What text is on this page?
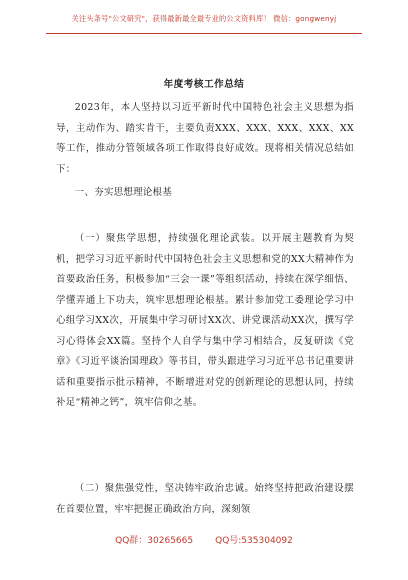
关注头条号"公文研究"，获得最新最全最专业的公文资料库！ 微信：gongwenyj
年度考核工作总结

2023年，本人坚持以习近平新时代中国特色社会主义思想为指导，主动作为、踏实肯干，主要负责XXX、XXX、XXX、XXX、XX等工作，推动分管领域各项工作取得良好成效。现将相关情况总结如下：

一、夯实思想理论根基

（一）聚焦学思想，持续强化理论武装。以开展主题教育为契机，把学习习近平新时代中国特色社会主义思想和党的XX大精神作为首要政治任务，积极参加“三会一课”等组织活动，持续在深学细悟、学懂弄通上下功夫，筑牢思想理论根基。累计参加党工委理论学习中心组学习XX次，开展集中学习研讨XX次、讲党课活动XX次，撰写学习心得体会XX篇。坚持个人自学与集中学习相结合，反复研读《党章》《习近平谈治国理政》等书目，带头跟进学习习近平总书记重要讲话和重要指示批示精神，不断增进对党的创新理论的思想认同，持续补足“精神之钙”，筑牢信仰之基。

（二）聚焦强党性，坚决铸牢政治忠诚。始终坚持把政治建设摆在首要位置，牢牢把握正确政治方向，深刻领

QQ群：30265665 QQ号:535304092
